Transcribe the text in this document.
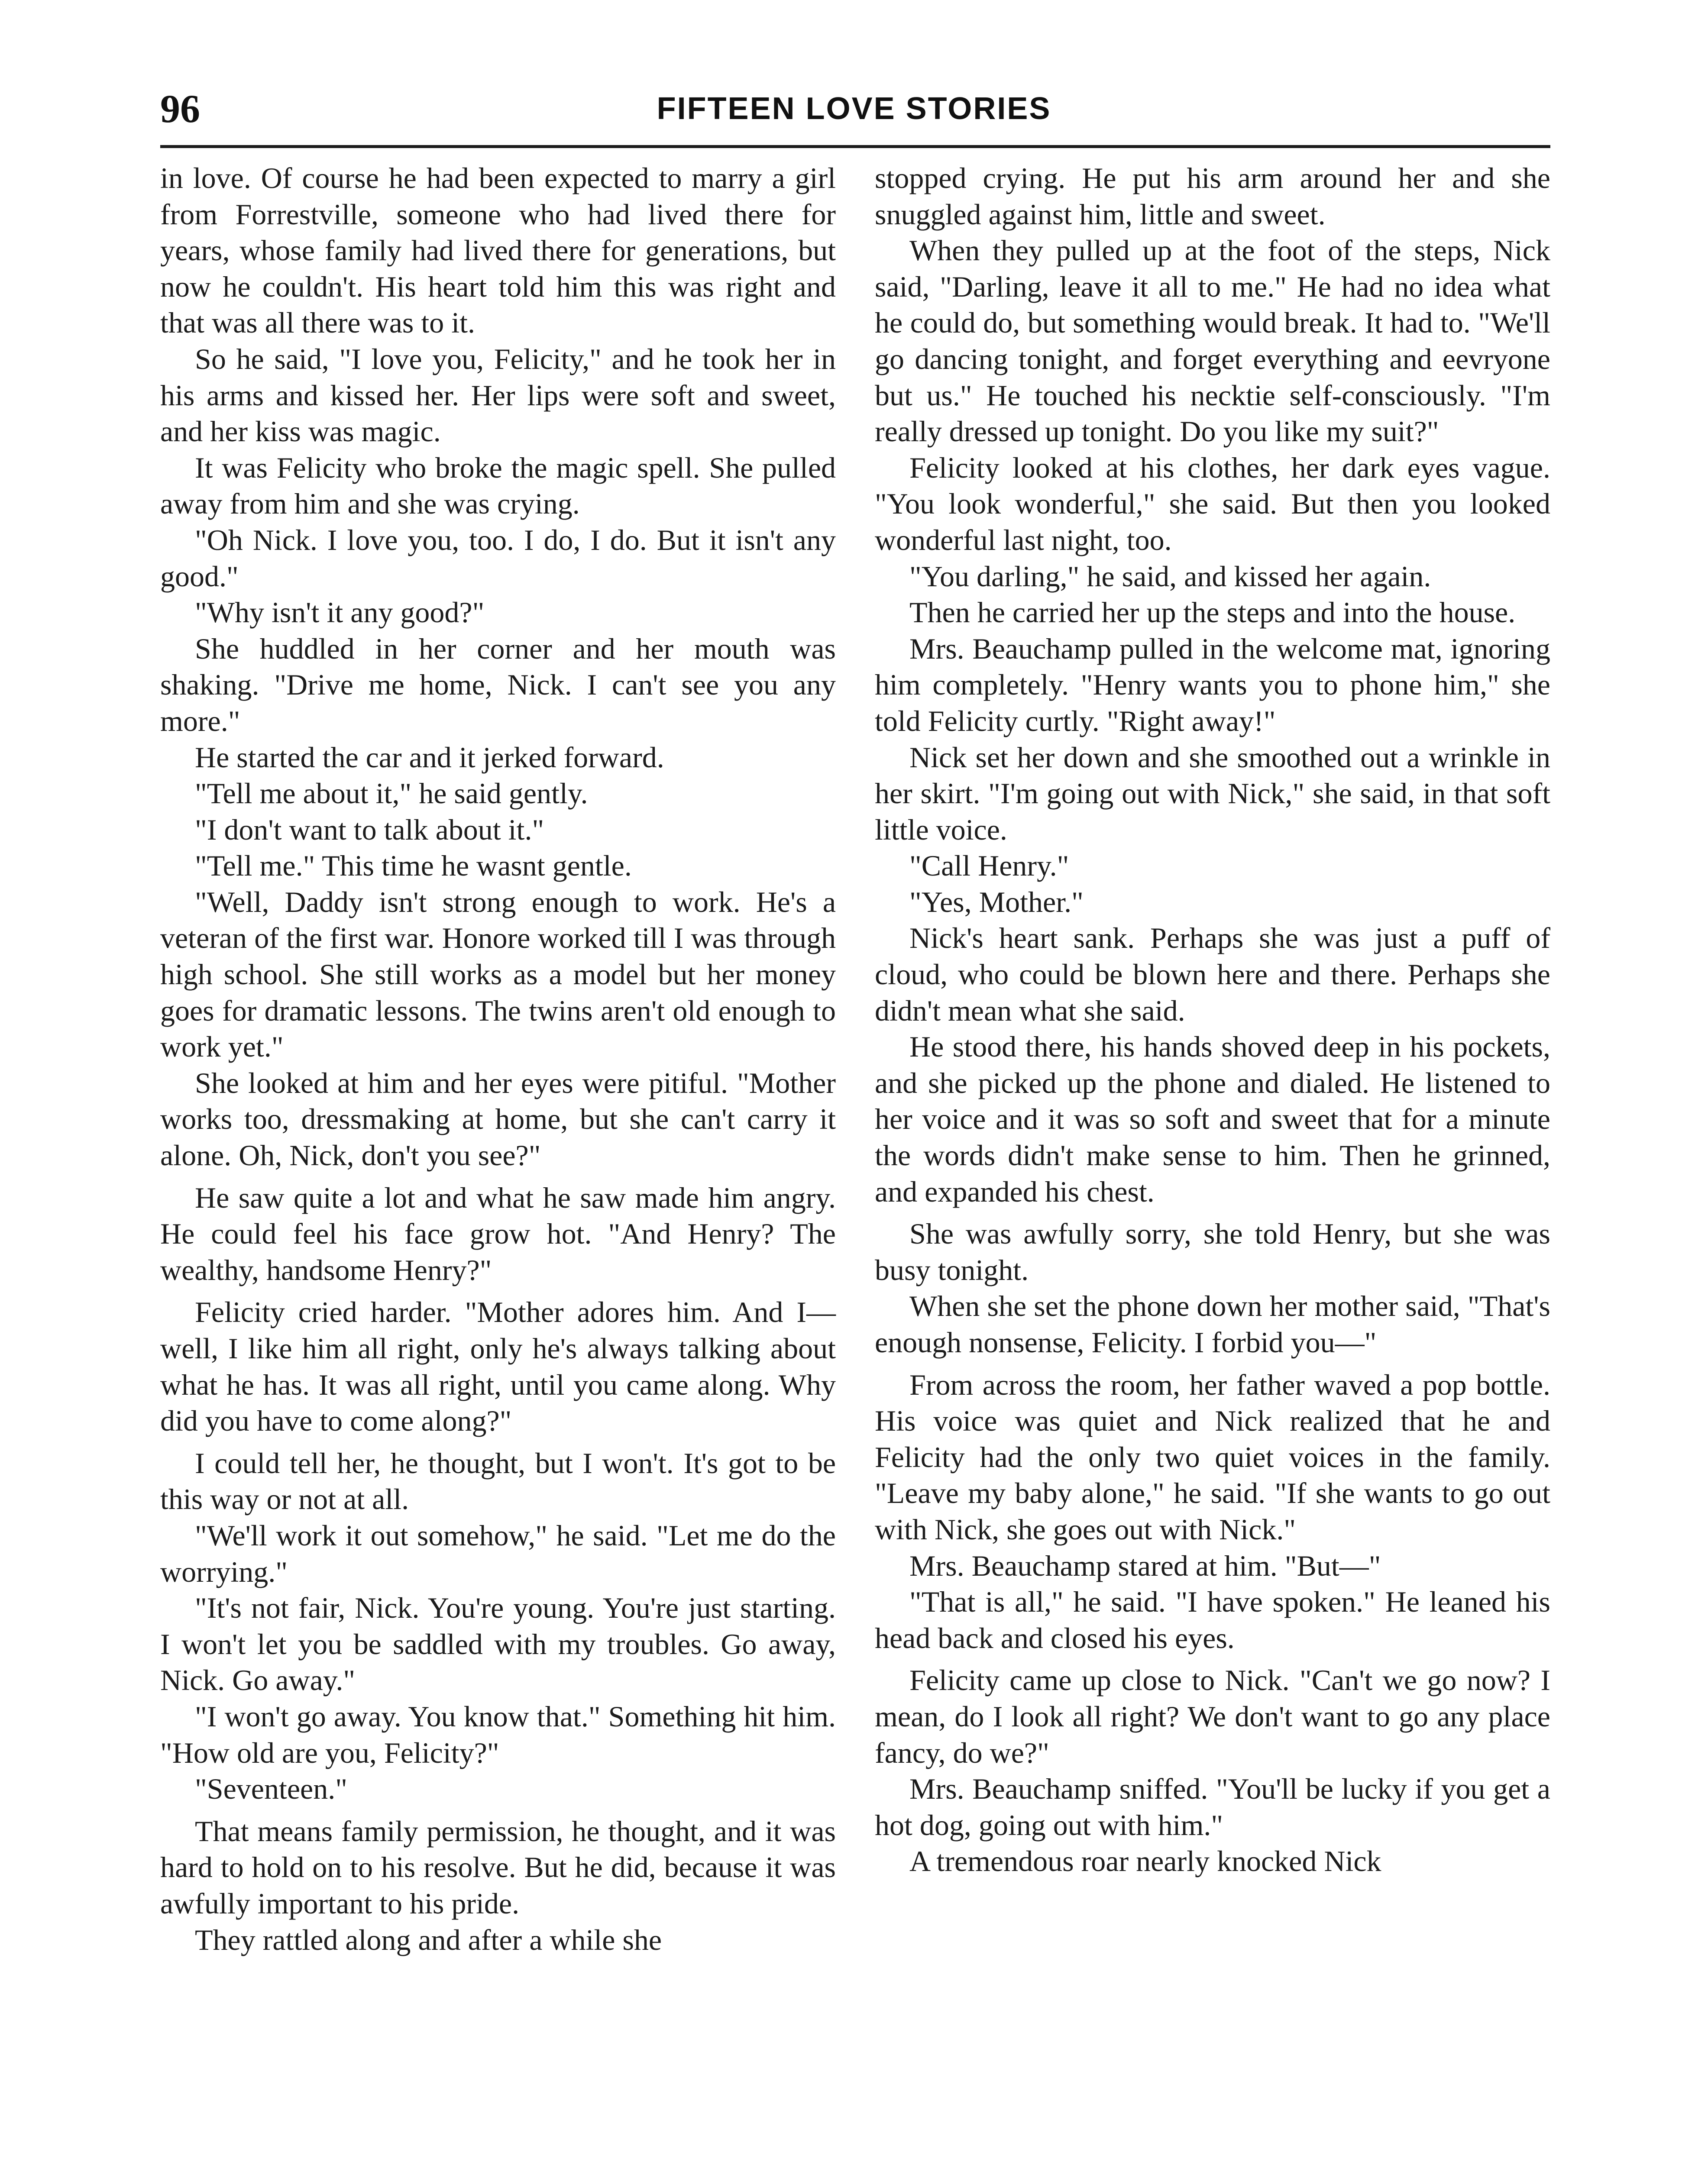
96	FIFTEEN LOVE STORIES

in love. Of course he had been expected to marry a girl from Forrestville, someone who had lived there for years, whose family had lived there for generations, but now he couldn't. His heart told him this was right and that was all there was to it.

So he said, "I love you, Felicity," and he took her in his arms and kissed her. Her lips were soft and sweet, and her kiss was magic.

It was Felicity who broke the magic spell. She pulled away from him and she was crying.

"Oh Nick. I love you, too. I do, I do. But it isn't any good."

"Why isn't it any good?"

She huddled in her corner and her mouth was shaking. "Drive me home, Nick. I can't see you any more."

He started the car and it jerked forward.

"Tell me about it," he said gently.

"I don't want to talk about it."

"Tell me." This time he wasnt gentle.

"Well, Daddy isn't strong enough to work. He's a veteran of the first war. Honore worked till I was through high school. She still works as a model but her money goes for dramatic lessons. The twins aren't old enough to work yet."

She looked at him and her eyes were pitiful. "Mother works too, dressmaking at home, but she can't carry it alone. Oh, Nick, don't you see?"

He saw quite a lot and what he saw made him angry. He could feel his face grow hot. "And Henry? The wealthy, handsome Henry?"

Felicity cried harder. "Mother adores him. And I—well, I like him all right, only he's always talking about what he has. It was all right, until you came along. Why did you have to come along?"

I could tell her, he thought, but I won't. It's got to be this way or not at all.

"We'll work it out somehow," he said. "Let me do the worrying."

"It's not fair, Nick. You're young. You're just starting. I won't let you be saddled with my troubles. Go away, Nick. Go away."

"I won't go away. You know that." Something hit him. "How old are you, Felicity?"

"Seventeen."

That means family permission, he thought, and it was hard to hold on to his resolve. But he did, because it was awfully important to his pride.

They rattled along and after a while she

stopped crying. He put his arm around her and she snuggled against him, little and sweet.

When they pulled up at the foot of the steps, Nick said, "Darling, leave it all to me." He had no idea what he could do, but something would break. It had to. "We'll go dancing tonight, and forget everything and eevryone but us." He touched his necktie self-consciously. "I'm really dressed up tonight. Do you like my suit?"

Felicity looked at his clothes, her dark eyes vague. "You look wonderful," she said. But then you looked wonderful last night, too.

"You darling," he said, and kissed her again.

Then he carried her up the steps and into the house.

Mrs. Beauchamp pulled in the welcome mat, ignoring him completely. "Henry wants you to phone him," she told Felicity curtly. "Right away!"

Nick set her down and she smoothed out a wrinkle in her skirt. "I'm going out with Nick," she said, in that soft little voice.

"Call Henry."

"Yes, Mother."

Nick's heart sank. Perhaps she was just a puff of cloud, who could be blown here and there. Perhaps she didn't mean what she said.

He stood there, his hands shoved deep in his pockets, and she picked up the phone and dialed. He listened to her voice and it was so soft and sweet that for a minute the words didn't make sense to him. Then he grinned, and expanded his chest.

She was awfully sorry, she told Henry, but she was busy tonight.

When she set the phone down her mother said, "That's enough nonsense, Felicity. I forbid you—"

From across the room, her father waved a pop bottle. His voice was quiet and Nick realized that he and Felicity had the only two quiet voices in the family. "Leave my baby alone," he said. "If she wants to go out with Nick, she goes out with Nick."

Mrs. Beauchamp stared at him. "But—"

"That is all," he said. "I have spoken." He leaned his head back and closed his eyes.

Felicity came up close to Nick. "Can't we go now? I mean, do I look all right? We don't want to go any place fancy, do we?"

Mrs. Beauchamp sniffed. "You'll be lucky if you get a hot dog, going out with him."

A tremendous roar nearly knocked Nick
